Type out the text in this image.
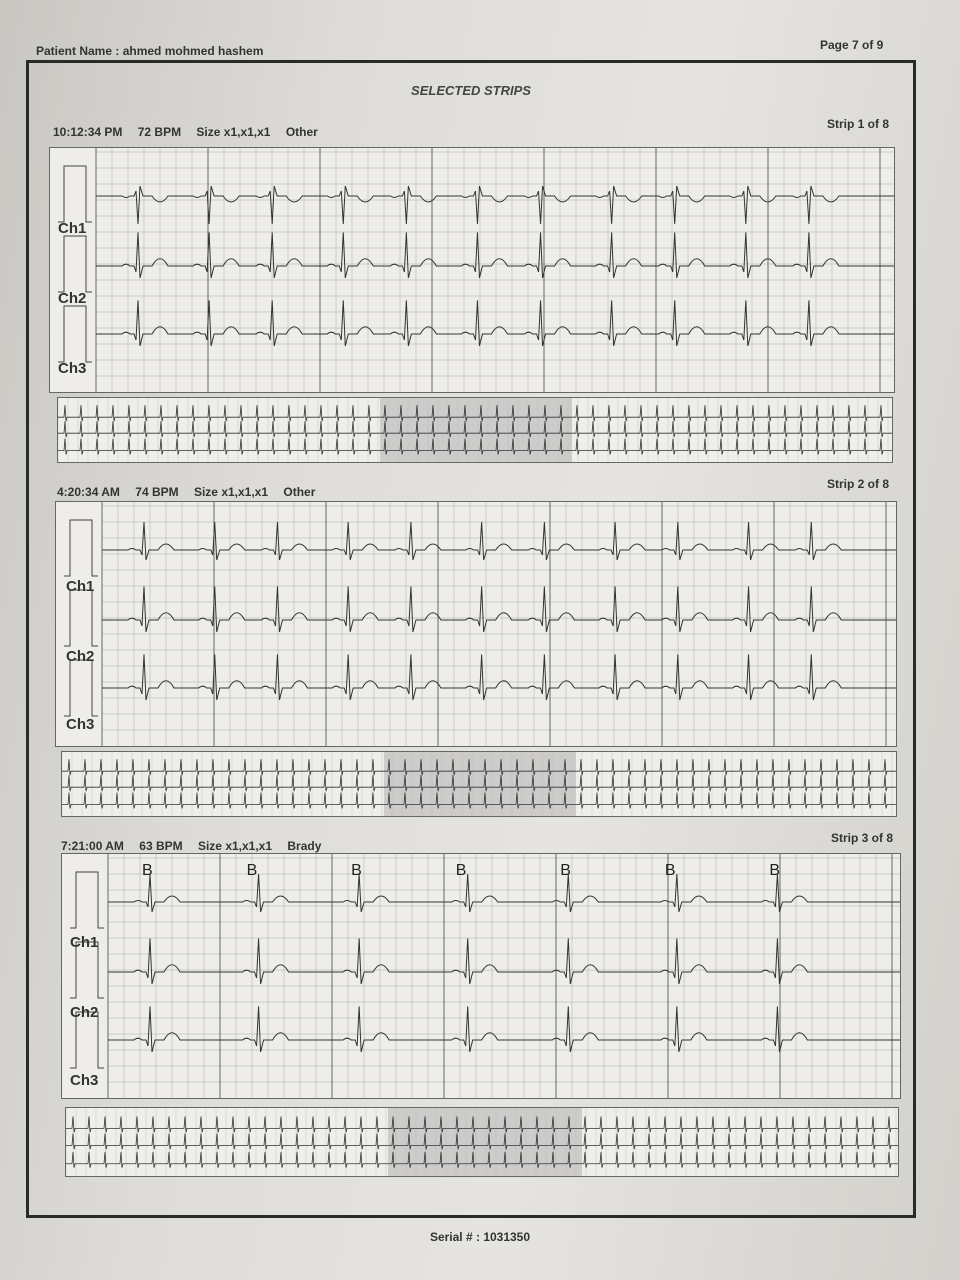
Patient Name : ahmed mohmed hashem	Page 7 of 9
SELECTED STRIPS
10:12:34 PM 72 BPM Size x1,x1,x1 Other
Strip 1 of 8
Ch1
Ch2
Ch3
4:20:34 AM 74 BPM Size x1,x1,x1 Other
Strip 2 of 8
Ch1
Ch2
Ch3
7:21:00 AM 63 BPM Size x1,x1,x1 Brady
Strip 3 of 8
Ch1
Ch2
Ch3
B	B	B	B	B	B	B
Serial # : 1031350
